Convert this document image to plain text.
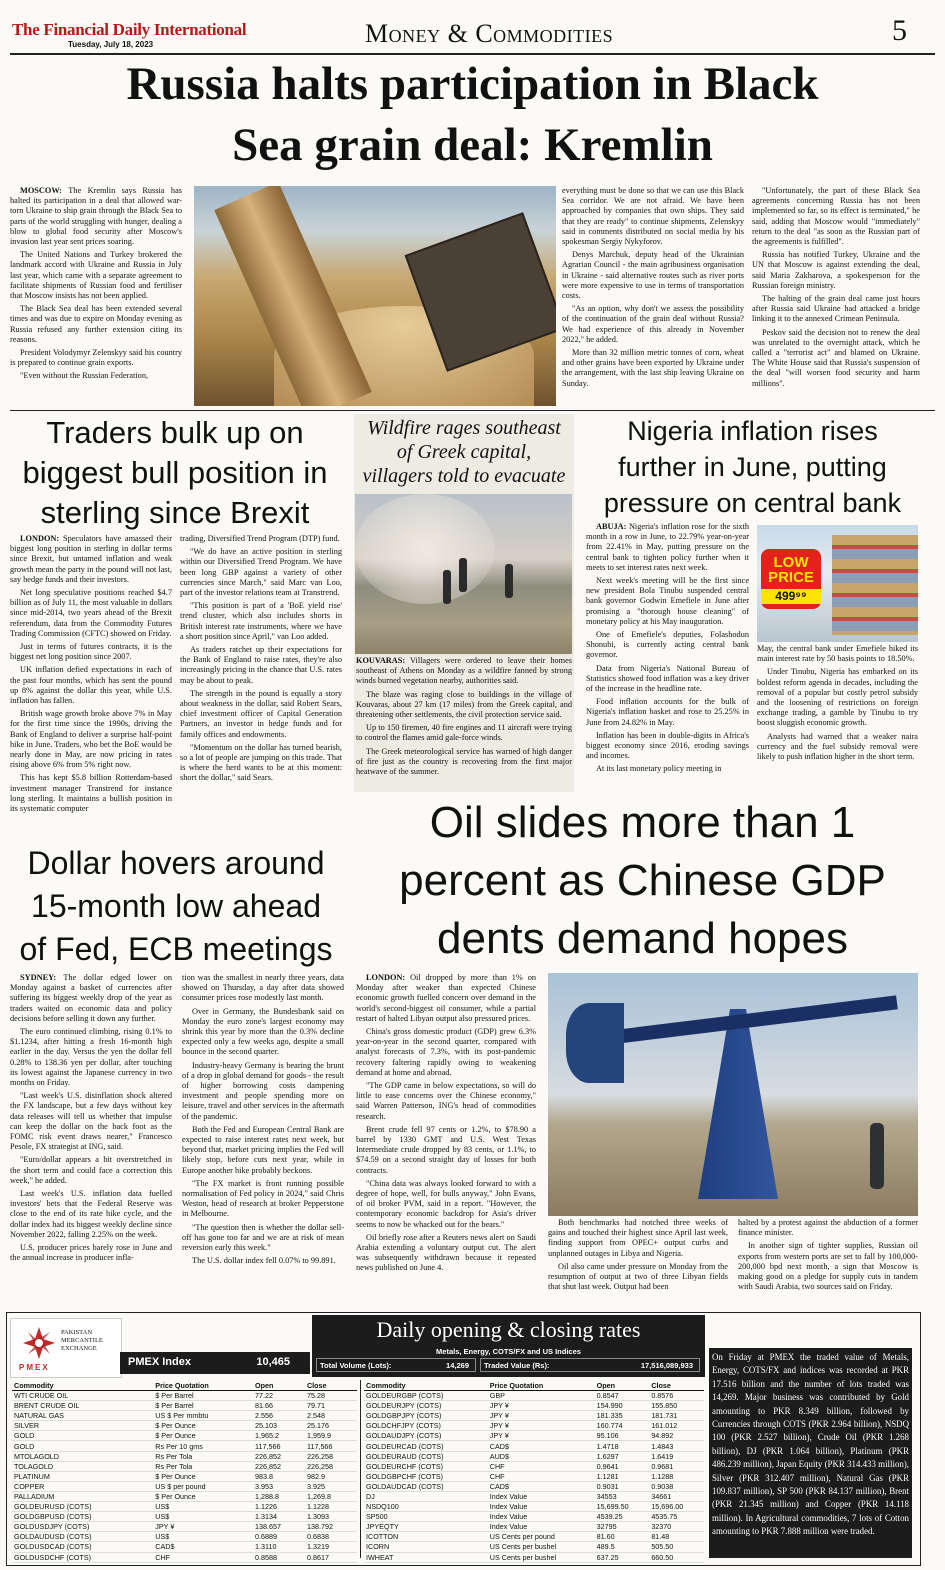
The Financial Daily International
Tuesday, July 18, 2023	Money & Commodities	5
Russia halts participation in Black
Sea grain deal: Kremlin

MOSCOW: The Kremlin says Russia has halted its participation in a deal that allowed war-torn Ukraine to ship grain through the Black Sea to parts of the world struggling with hunger, dealing a blow to global food security after Moscow's invasion last year sent prices soaring.

The United Nations and Turkey brokered the landmark accord with Ukraine and Russia in July last year, which came with a separate agreement to facilitate shipments of Russian food and fertiliser that Moscow insists has not been applied.

The Black Sea deal has been extended several times and was due to expire on Monday evening as Russia refused any further extension citing its reasons.

President Volodymyr Zelenskyy said his country is prepared to continue grain exports.

"Even without the Russian Federation,

everything must be done so that we can use this Black Sea corridor. We are not afraid. We have been approached by companies that own ships. They said that they are ready" to continue shipments, Zelenskyy said in comments distributed on social media by his spokesman Sergiy Nykyforov.

Denys Marchuk, deputy head of the Ukrainian Agrarian Council - the main agribusiness organisation in Ukraine - said alternative routes such as river ports were more expensive to use in terms of transportation costs.

"As an option, why don't we assess the possibility of the continuation of the grain deal without Russia? We had experience of this already in November 2022," he added.

More than 32 million metric tonnes of corn, wheat and other grains have been exported by Ukraine under the arrangement, with the last ship leaving Ukraine on Sunday.

"Unfortunately, the part of these Black Sea agreements concerning Russia has not been implemented so far, so its effect is terminated," he said, adding that Moscow would "immediately" return to the deal "as soon as the Russian part of the agreements is fulfilled".

Russia has notified Turkey, Ukraine and the UN that Moscow is against extending the deal, said Maria Zakharova, a spokesperson for the Russian foreign ministry.

The halting of the grain deal came just hours after Russia said Ukraine had attacked a bridge linking it to the annexed Crimean Peninsula.

Peskov said the decision not to renew the deal was unrelated to the overnight attack, which he called a "terrorist act" and blamed on Ukraine. The White House said that Russia's suspension of the deal "will worsen food security and harm millions".

Traders bulk up on
biggest bull position in
sterling since Brexit

LONDON: Speculators have amassed their biggest long position in sterling in dollar terms since Brexit, but untamed inflation and weak growth mean the party in the pound will not last, say hedge funds and their investors.

Net long speculative positions reached $4.7 billion as of July 11, the most valuable in dollars since mid-2014, two years ahead of the Brexit referendum, data from the Commodity Futures Trading Commission (CFTC) showed on Friday.

Just in terms of futures contracts, it is the biggest net long position since 2007.

UK inflation defied expectations in each of the past four months, which has sent the pound up 8% against the dollar this year, while U.S. inflation has fallen.

British wage growth broke above 7% in May for the first time since the 1990s, driving the Bank of England to deliver a surprise half-point hike in June. Traders, who bet the BoE would be nearly done in May, are now pricing in rates rising above 6% from 5% right now.

This has kept $5.8 billion Rotterdam-based investment manager Transtrend for instance long sterling. It maintains a bullish position in its systematic computer

trading, Diversified Trend Program (DTP) fund.

"We do have an active position in sterling within our Diversified Trend Program. We have been long GBP against a variety of other currencies since March," said Marc van Loo, part of the investor relations team at Transtrend.

"This position is part of a 'BoE yield rise' trend cluster, which also includes shorts in British interest rate instruments, where we have a short position since April," van Loo added.

As traders ratchet up their expectations for the Bank of England to raise rates, they're also increasingly pricing in the chance that U.S. rates may be about to peak.

The strength in the pound is equally a story about weakness in the dollar, said Robert Sears, chief investment officer of Capital Generation Partners, an investor in hedge funds and for family offices and endowments.

"Momentum on the dollar has turned bearish, so a lot of people are jumping on this trade. That is where the herd wants to be at this moment: short the dollar," said Sears.

Wildfire rages southeast
of Greek capital,
villagers told to evacuate

KOUVARAS: Villagers were ordered to leave their homes southeast of Athens on Monday as a wildfire fanned by strong winds burned vegetation nearby, authorities said.

The blaze was raging close to buildings in the village of Kouvaras, about 27 km (17 miles) from the Greek capital, and threatening other settlements, the civil protection service said.

Up to 150 firemen, 40 fire engines and 11 aircraft were trying to control the flames amid gale-force winds.

The Greek meteorological service has warned of high danger of fire just as the country is recovering from the first major heatwave of the summer.

Nigeria inflation rises
further in June, putting
pressure on central bank

ABUJA: Nigeria's inflation rose for the sixth month in a row in June, to 22.79% year-on-year from 22.41% in May, putting pressure on the central bank to tighten policy further when it meets to set interest rates next week.

Next week's meeting will be the first since new president Bola Tinubu suspended central bank governor Godwin Emefiele in June after promising a "thorough house cleaning" of monetary policy at his May inauguration.

One of Emefiele's deputies, Folashodun Shonubi, is currently acting central bank governor.

Data from Nigeria's National Bureau of Statistics showed food inflation was a key driver of the increase in the headline rate.

Food inflation accounts for the bulk of Nigeria's inflation basket and rose to 25.25% in June from 24.82% in May.

Inflation has been in double-digits in Africa's biggest economy since 2016, eroding savings and incomes.

At its last monetary policy meeting in

LOW PRICE
499⁹⁹

May, the central bank under Emefiele hiked its main interest rate by 50 basis points to 18.50%.

Under Tinubu, Nigeria has embarked on its boldest reform agenda in decades, including the removal of a popular but costly petrol subsidy and the loosening of restrictions on foreign exchange trading, a gamble by Tinubu to try boost sluggish economic growth.

Analysts had warned that a weaker naira currency and the fuel subsidy removal were likely to push inflation higher in the short term.

Dollar hovers around
15-month low ahead
of Fed, ECB meetings

SYDNEY: The dollar edged lower on Monday against a basket of currencies after suffering its biggest weekly drop of the year as traders waited on economic data and policy decisions before selling it down any further.

The euro continued climbing, rising 0.1% to $1.1234, after hitting a fresh 16-month high earlier in the day. Versus the yen the dollar fell 0.28% to 138.36 yen per dollar, after touching its lowest against the Japanese currency in two months on Friday.

"Last week's U.S. disinflation shock altered the FX landscape, but a few days without key data releases will tell us whether that impulse can keep the dollar on the back foot as the FOMC risk event draws nearer," Francesco Pesole, FX strategist at ING, said.

"Euro/dollar appears a bit overstretched in the short term and could face a correction this week," he added.

Last week's U.S. inflation data fuelled investors' bets that the Federal Reserve was close to the end of its rate hike cycle, and the dollar index had its biggest weekly decline since November 2022, falling 2.25% on the week.

U.S. producer prices barely rose in June and the annual increase in producer infla-

tion was the smallest in nearly three years, data showed on Thursday, a day after data showed consumer prices rose modestly last month.

Over in Germany, the Bundesbank said on Monday the euro zone's largest economy may shrink this year by more than the 0.3% decline expected only a few weeks ago, despite a small bounce in the second quarter.

Industry-heavy Germany is bearing the brunt of a drop in global demand for goods - the result of higher borrowing costs dampening investment and people spending more on leisure, travel and other services in the aftermath of the pandemic.

Both the Fed and European Central Bank are expected to raise interest rates next week, but beyond that, market pricing implies the Fed will likely stop, before cuts next year, while in Europe another hike probably beckons.

"The FX market is front running possible normalisation of Fed policy in 2024," said Chris Weston, head of research at broker Pepperstone in Melbourne.

"The question then is whether the dollar sell-off has gone too far and we are at risk of mean reversion early this week."

The U.S. dollar index fell 0.07% to 99.891.

Oil slides more than 1
percent as Chinese GDP
dents demand hopes

LONDON: Oil dropped by more than 1% on Monday after weaker than expected Chinese economic growth fuelled concern over demand in the world's second-biggest oil consumer, while a partial restart of halted Libyan output also pressured prices.

China's gross domestic product (GDP) grew 6.3% year-on-year in the second quarter, compared with analyst forecasts of 7.3%, with its post-pandemic recovery faltering rapidly owing to weakening demand at home and abroad.

"The GDP came in below expectations, so will do little to ease concerns over the Chinese economy," said Warren Patterson, ING's head of commodities research.

Brent crude fell 97 cents or 1.2%, to $78.90 a barrel by 1330 GMT and U.S. West Texas Intermediate crude dropped by 83 cents, or 1.1%, to $74.59 on a second straight day of losses for both contracts.

"China data was always looked forward to with a degree of hope, well, for bulls anyway," John Evans, of oil broker PVM, said in a report. "However, the contemporary economic backdrop for Asia's driver seems to now be whacked out for the bears."

Oil briefly rose after a Reuters news alert on Saudi Arabia extending a voluntary output cut. The alert was subsequently withdrawn because it repeated news published on June 4.

Both benchmarks had notched three weeks of gains and touched their highest since April last week, finding support from OPEC+ output curbs and unplanned outages in Libya and Nigeria.

Oil also came under pressure on Monday from the resumption of output at two of three Libyan fields that shut last week. Output had been

halted by a protest against the abduction of a former finance minister.

In another sign of tighter supplies, Russian oil exports from western ports are set to fall by 100,000-200,000 bpd next month, a sign that Moscow is making good on a pledge for supply cuts in tandem with Saudi Arabia, two sources said on Friday.

PAKISTAN MERCANTILE EXCHANGE
PMEX	PMEX Index	10,465
Daily opening & closing rates
Metals, Energy, COTS/FX and US Indices
Total Volume (Lots):	14,269 Traded Value (Rs):	17,516,089,933
Commodity	Price Quotation	Open	Close
WTI CRUDE OIL	$ Per Barrel	77.22	75.28
BRENT CRUDE OIL	$ Per Barrel	81.66	79.71
NATURAL GAS	US $ Per mmbtu	2.556	2.548
SILVER	$ Per Ounce	25.103	25.176
GOLD	$ Per Ounce	1,965.2	1,959.9
GOLD	Rs Per 10 gms	117,566	117,566
MTOLAGOLD	Rs Per Tola	226,852	226,258
TOLAGOLD	Rs Per Tola	226,852	226,258
PLATINUM	$ Per Ounce	983.8	982.9
COPPER	US $ per pound	3.953	3.925
PALLADIUM	$ Per Ounce	1,288.8	1,269.8
GOLDEURUSD (COTS)	US$	1.1226	1.1228
GOLDGBPUSD (COTS)	US$	1.3134	1.3093
GOLDUSDJPY (COTS)	JPY ¥	138.657	138.792
GOLDAUDUSD (COTS)	US$	0.6889	0.6838
GOLDUSDCAD (COTS)	CAD$	1.3110	1.3219
GOLDUSDCHF (COTS)	CHF	0.8588	0.8617
Commodity	Price Quotation	Open	Close
GOLDEURGBP (COTS)	GBP	0.8547	0.8576
GOLDEURJPY (COTS)	JPY ¥	154.990	155.850
GOLDGBPJPY (COTS)	JPY ¥	181.335	181.731
GOLDCHFJPY (COTS)	JPY ¥	160.774	161.012
GOLDAUDJPY (COTS)	JPY ¥	95.106	94.892
GOLDEURCAD (COTS)	CAD$	1.4718	1.4843
GOLDEURAUD (COTS)	AUD$	1.6297	1.6419
GOLDEURCHF (COTS)	CHF	0.9641	0.9681
GOLDGBPCHF (COTS)	CHF	1.1281	1.1288
GOLDAUDCAD (COTS)	CAD$	0.9031	0.9038
DJ	Index Value	34553	34661
NSDQ100	Index Value	15,699.50	15,696.00
SP500	Index Value	4539.25	4535.75
JPYEQTY	Index Value	32795	32370
ICOTTON	US Cents per pound	81.60	81.48
ICORN	US Cents per bushel	489.5	505.50
IWHEAT	US Cents per bushel	637.25	660.50
On Friday at PMEX the traded value of Metals, Energy, COTS/FX and indices was recorded at PKR 17.516 billion and the number of lots traded was 14,269. Major business was contributed by Gold amounting to PKR 8.349 billion, followed by Currencies through COTS (PKR 2.964 billion), NSDQ 100 (PKR 2.527 billion), Crude Oil (PKR 1.268 billion), DJ (PKR 1.064 billion), Platinum (PKR 486.239 million), Japan Equity (PKR 314.433 million), Silver (PKR 312.407 million), Natural Gas (PKR 109.837 million), SP 500 (PKR 84.137 million), Brent (PKR 21.345 million) and Copper (PKR 14.118 million). In Agricultural commodities, 7 lots of Cotton amounting to PKR 7.888 million were traded.
